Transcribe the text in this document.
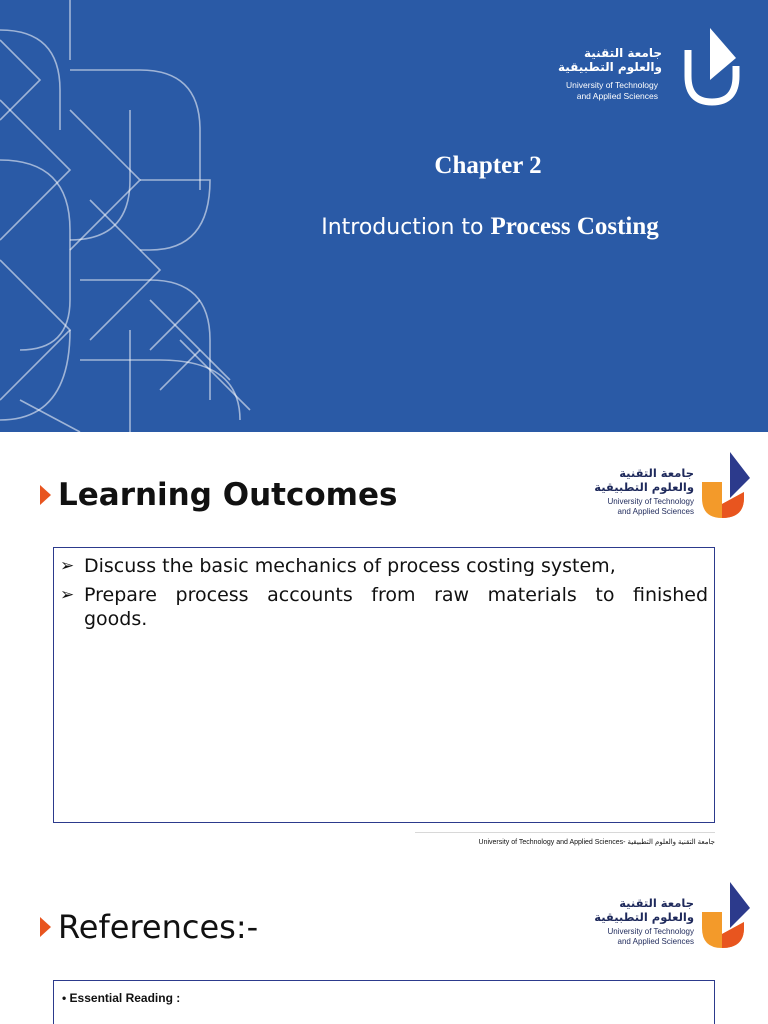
جامعة التقنية
والعلوم التطبيقية
University of Technology
and Applied Sciences
Chapter 2
Introduction to Process Costing
Learning Outcomes
جامعة التقنية
والعلوم التطبيقية
University of Technology
and Applied Sciences
➢ Discuss the basic mechanics of process costing system,
➢ Prepare process accounts from raw materials to finished goods.
University of Technology and Applied Sciences- جامعة التقنية والعلوم التطبيقية
References:-
جامعة التقنية
والعلوم التطبيقية
University of Technology
and Applied Sciences
• Essential Reading :
